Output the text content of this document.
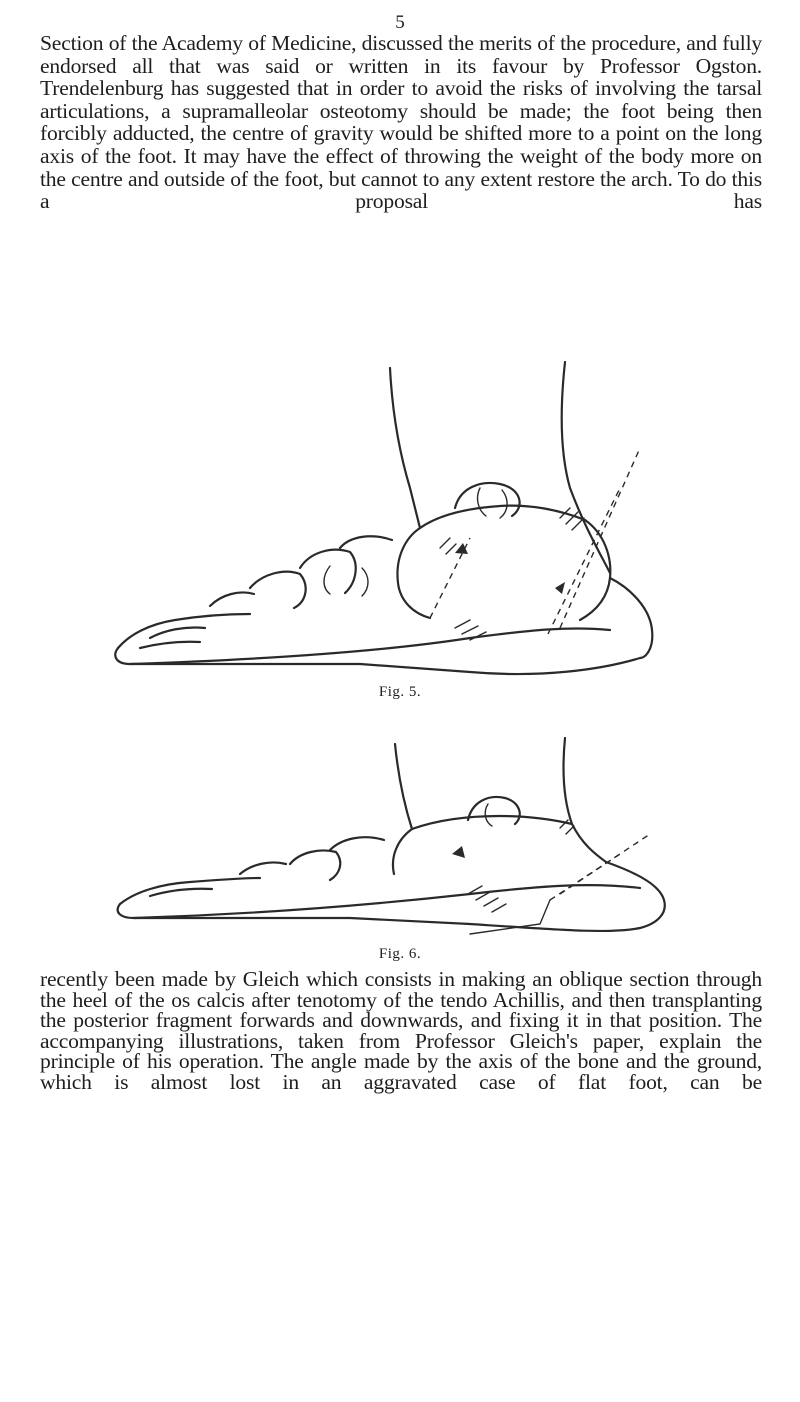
5

Section of the Academy of Medicine, discussed the merits of the procedure, and fully endorsed all that was said or written in its favour by Professor Ogston. Trendelenburg has suggested that in order to avoid the risks of involving the tarsal articulations, a supramalleolar osteotomy should be made; the foot being then forcibly adducted, the centre of gravity would be shifted more to a point on the long axis of the foot. It may have the effect of throwing the weight of the body more on the centre and outside of the foot, but cannot to any extent restore the arch. To do this a proposal has

Fig. 5.
Fig. 6.

recently been made by Gleich which consists in making an oblique section through the heel of the os calcis after tenotomy of the tendo Achillis, and then transplanting the posterior fragment forwards and downwards, and fixing it in that position. The accompanying illustrations, taken from Professor Gleich's paper, explain the principle of his operation. The angle made by the axis of the bone and the ground, which is almost lost in an aggravated case of flat foot, can be
